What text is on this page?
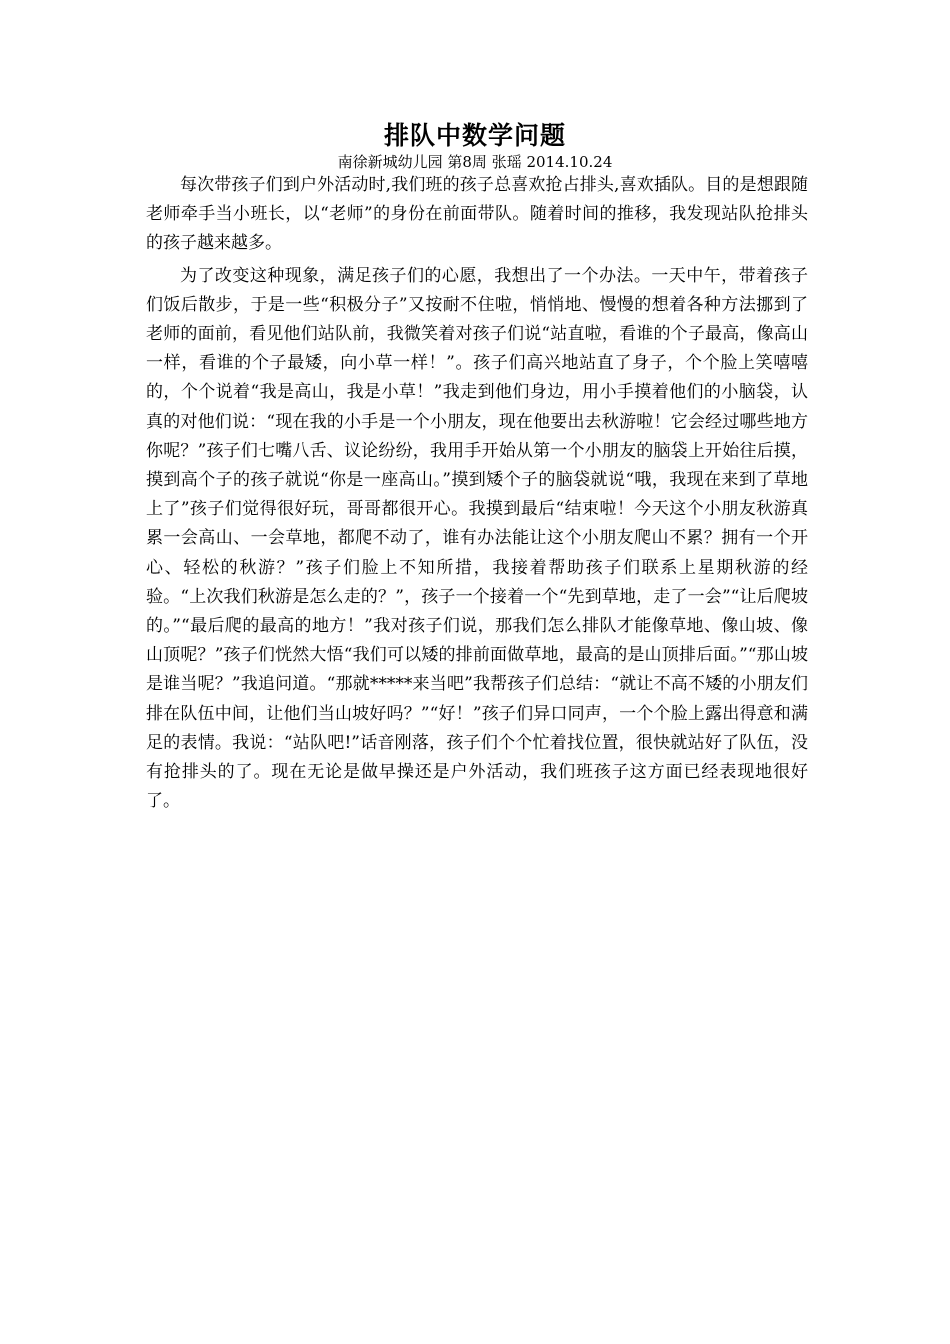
排队中数学问题
南徐新城幼儿园 第8周 张瑶 2014.10.24

每次带孩子们到户外活动时,我们班的孩子总喜欢抢占排头,喜欢插队。目的是想跟随老师牵手当小班长，以“老师”的身份在前面带队。随着时间的推移，我发现站队抢排头的孩子越来越多。

为了改变这种现象，满足孩子们的心愿，我想出了一个办法。一天中午，带着孩子们饭后散步，于是一些“积极分子”又按耐不住啦，悄悄地、慢慢的想着各种方法挪到了老师的面前，看见他们站队前，我微笑着对孩子们说“站直啦，看谁的个子最高，像高山一样，看谁的个子最矮，向小草一样！”。孩子们高兴地站直了身子，个个脸上笑嘻嘻的，个个说着“我是高山，我是小草！”我走到他们身边，用小手摸着他们的小脑袋，认真的对他们说：“现在我的小手是一个小朋友，现在他要出去秋游啦！它会经过哪些地方你呢？”孩子们七嘴八舌、议论纷纷，我用手开始从第一个小朋友的脑袋上开始往后摸，摸到高个子的孩子就说“你是一座高山。”摸到矮个子的脑袋就说“哦，我现在来到了草地上了”孩子们觉得很好玩，哥哥都很开心。我摸到最后“结束啦！今天这个小朋友秋游真累一会高山、一会草地，都爬不动了，谁有办法能让这个小朋友爬山不累？拥有一个开心、轻松的秋游？”孩子们脸上不知所措，我接着帮助孩子们联系上星期秋游的经验。“上次我们秋游是怎么走的？”，孩子一个接着一个“先到草地，走了一会”“让后爬坡的。”“最后爬的最高的地方！”我对孩子们说，那我们怎么排队才能像草地、像山坡、像山顶呢？”孩子们恍然大悟“我们可以矮的排前面做草地，最高的是山顶排后面。”“那山坡是谁当呢？”我追问道。“那就*****来当吧”我帮孩子们总结：“就让不高不矮的小朋友们排在队伍中间，让他们当山坡好吗？”“好！”孩子们异口同声，一个个脸上露出得意和满足的表情。我说：“站队吧!”话音刚落，孩子们个个忙着找位置，很快就站好了队伍，没有抢排头的了。现在无论是做早操还是户外活动，我们班孩子这方面已经表现地很好了。
